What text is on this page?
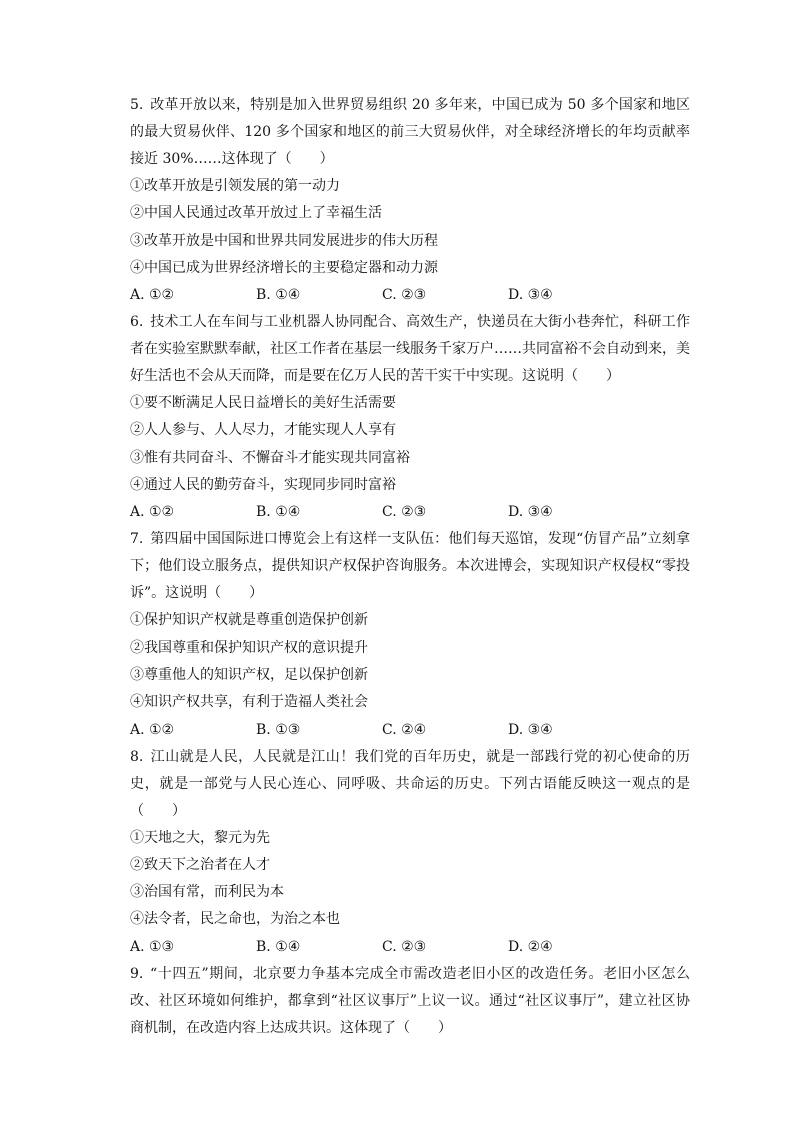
5. 改革开放以来，特别是加入世界贸易组织 20 多年来，中国已成为 50 多个国家和地区的最大贸易伙伴、120 多个国家和地区的前三大贸易伙伴，对全球经济增长的年均贡献率接近 30%……这体现了（　　）

①改革开放是引领发展的第一动力

②中国人民通过改革开放过上了幸福生活

③改革开放是中国和世界共同发展进步的伟大历程

④中国已成为世界经济增长的主要稳定器和动力源

A. ①②	B. ①④	C. ②③	D. ③④

6. 技术工人在车间与工业机器人协同配合、高效生产，快递员在大街小巷奔忙，科研工作者在实验室默默奉献，社区工作者在基层一线服务千家万户……共同富裕不会自动到来，美好生活也不会从天而降，而是要在亿万人民的苦干实干中实现。这说明（　　）

①要不断满足人民日益增长的美好生活需要

②人人参与、人人尽力，才能实现人人享有

③惟有共同奋斗、不懈奋斗才能实现共同富裕

④通过人民的勤劳奋斗，实现同步同时富裕

A. ①②	B. ①④	C. ②③	D. ③④

7. 第四届中国国际进口博览会上有这样一支队伍：他们每天巡馆，发现“仿冒产品”立刻拿下；他们设立服务点，提供知识产权保护咨询服务。本次进博会，实现知识产权侵权“零投诉”。这说明（　　）

①保护知识产权就是尊重创造保护创新

②我国尊重和保护知识产权的意识提升

③尊重他人的知识产权，足以保护创新

④知识产权共享，有利于造福人类社会

A. ①②	B. ①③	C. ②④	D. ③④

8. 江山就是人民，人民就是江山！我们党的百年历史，就是一部践行党的初心使命的历史，就是一部党与人民心连心、同呼吸、共命运的历史。下列古语能反映这一观点的是（　　）

①天地之大，黎元为先

②致天下之治者在人才

③治国有常，而利民为本

④法令者，民之命也，为治之本也

A. ①③	B. ①④	C. ②③	D. ②④

9. “十四五”期间，北京要力争基本完成全市需改造老旧小区的改造任务。老旧小区怎么改、社区环境如何维护，都拿到“社区议事厅”上议一议。通过“社区议事厅”，建立社区协商机制，在改造内容上达成共识。这体现了（　　）
